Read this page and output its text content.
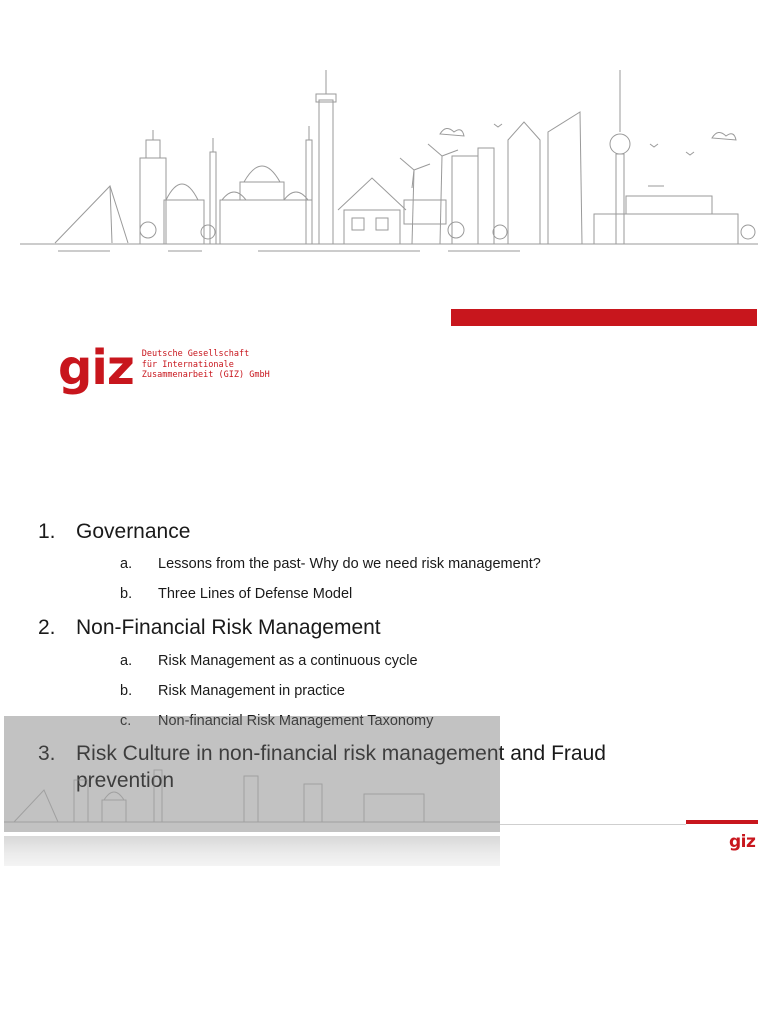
giz Deutsche Gesellschaft
für Internationale
Zusammenarbeit (GIZ) GmbH
1. Governance
a.	Lessons from the past- Why do we need risk management?
b.	Three Lines of Defense Model
2. Non-Financial Risk Management
a.	Risk Management as a continuous cycle
b.	Risk Management in practice
c.	Non-financial Risk Management Taxonomy
3. Risk Culture in non-financial risk management and Fraud prevention
giz
